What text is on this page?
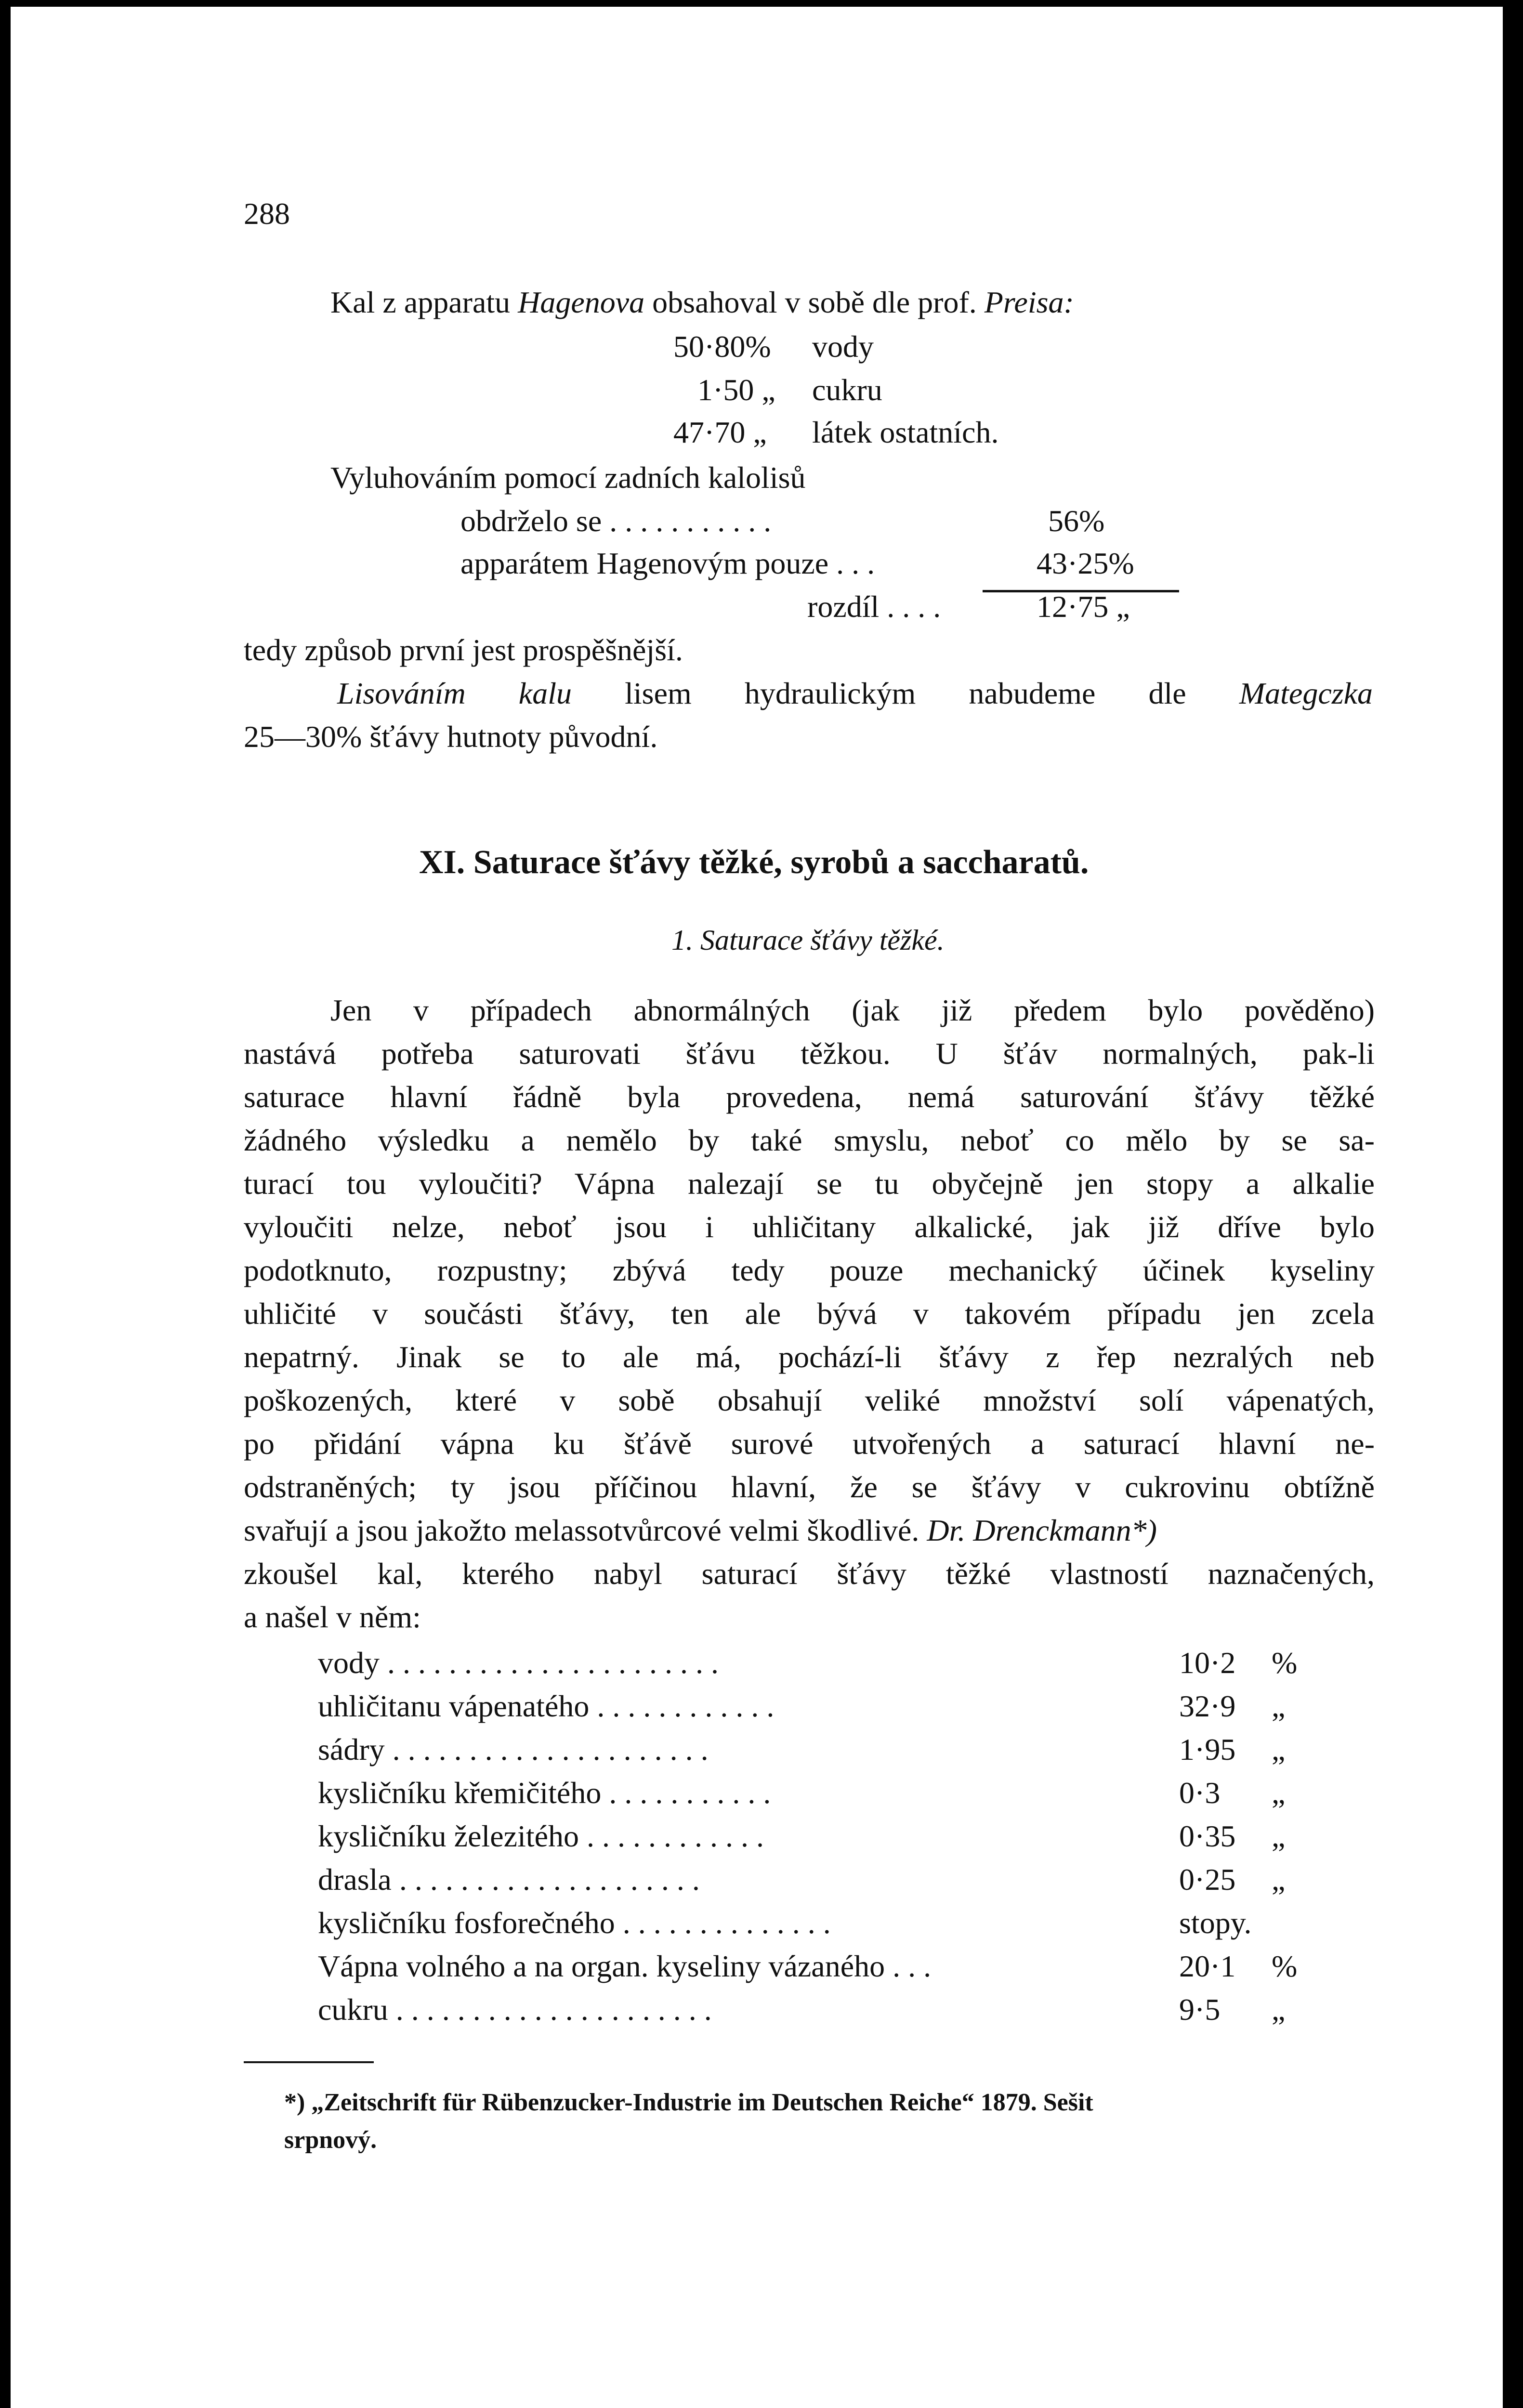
288
Kal z apparatu Hagenova obsahoval v sobě dle prof. Preisa:
50·80% vody
1·50 „ cukru
47·70 „ látek ostatních.
Vyluhováním pomocí zadních kalolisů
obdrželo se . . . . . . . . . . .	56%
apparátem Hagenovým pouze . . .	43·25%
rozdíl . . . .	12·75 „
tedy způsob první jest prospěšnější.
Lisováním kalu lisem hydraulickým nabudeme dle Mategczka
25—30% šťávy hutnoty původní.
XI. Saturace šťávy těžké, syrobů a saccharatů.
1. Saturace šťávy těžké.
Jen v případech abnormálných (jak již předem bylo pověděno)
nastává potřeba saturovati šťávu těžkou. U šťáv normalných, pak-li
saturace hlavní řádně byla provedena, nemá saturování šťávy těžké
žádného výsledku a nemělo by také smyslu, neboť co mělo by se sa-
turací tou vyloučiti? Vápna nalezají se tu obyčejně jen stopy a alkalie
vyloučiti nelze, neboť jsou i uhličitany alkalické, jak již dříve bylo
podotknuto, rozpustny; zbývá tedy pouze mechanický účinek kyseliny
uhličité v součásti šťávy, ten ale bývá v takovém případu jen zcela
nepatrný. Jinak se to ale má, pochází-li šťávy z řep nezralých neb
poškozených, které v sobě obsahují veliké množství solí vápenatých,
po přidání vápna ku šťávě surové utvořených a saturací hlavní ne-
odstraněných; ty jsou příčinou hlavní, že se šťávy v cukrovinu obtížně
svařují a jsou jakožto melassotvůrcové velmi škodlivé. Dr. Drenckmann*)
zkoušel kal, kterého nabyl saturací šťávy těžké vlastností naznačených,
a našel v něm:
vody . . . . . . . . . . . . . . . . . . . . . .	10·2 %
uhličitanu vápenatého . . . . . . . . . . . .	32·9 „
sádry . . . . . . . . . . . . . . . . . . . . .	1·95 „
kysličníku křemičitého . . . . . . . . . . .	0·3 „
kysličníku železitého . . . . . . . . . . . .	0·35 „
drasla . . . . . . . . . . . . . . . . . . . .	0·25 „
kysličníku fosforečného . . . . . . . . . . . . . .	stopy.
Vápna volného a na organ. kyseliny vázaného . . .	20·1 %
cukru . . . . . . . . . . . . . . . . . . . . .	9·5 „
*) „Zeitschrift für Rübenzucker-Industrie im Deutschen Reiche“ 1879. Sešit
srpnový.
